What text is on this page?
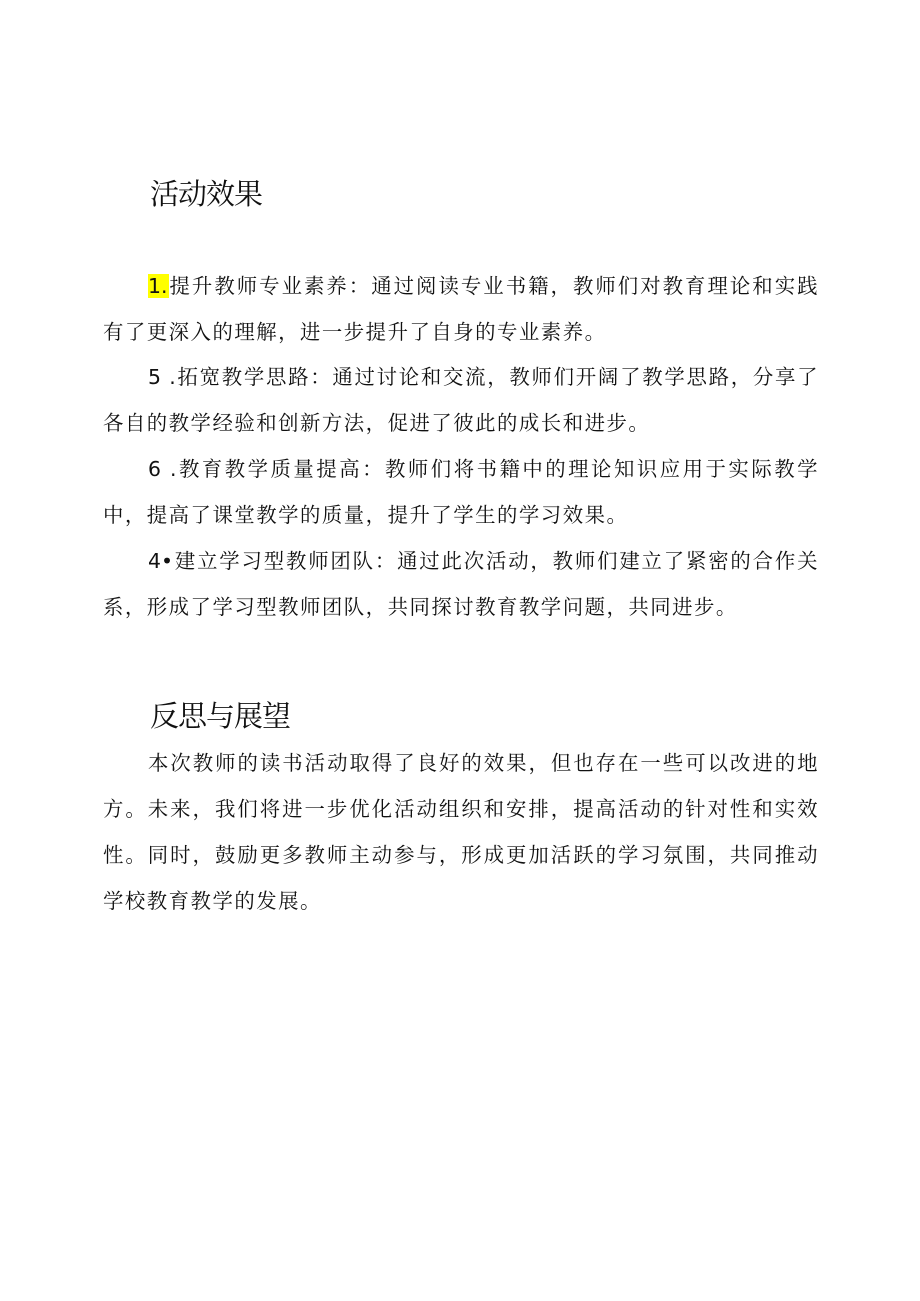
活动效果

1.提升教师专业素养：通过阅读专业书籍，教师们对教育理论和实践有了更深入的理解，进一步提升了自身的专业素养。

5 .拓宽教学思路：通过讨论和交流，教师们开阔了教学思路，分享了各自的教学经验和创新方法，促进了彼此的成长和进步。

6 .教育教学质量提高：教师们将书籍中的理论知识应用于实际教学中，提高了课堂教学的质量，提升了学生的学习效果。

4•建立学习型教师团队：通过此次活动，教师们建立了紧密的合作关系，形成了学习型教师团队，共同探讨教育教学问题，共同进步。

反思与展望

本次教师的读书活动取得了良好的效果，但也存在一些可以改进的地方。未来，我们将进一步优化活动组织和安排，提高活动的针对性和实效性。同时，鼓励更多教师主动参与，形成更加活跃的学习氛围，共同推动学校教育教学的发展。
